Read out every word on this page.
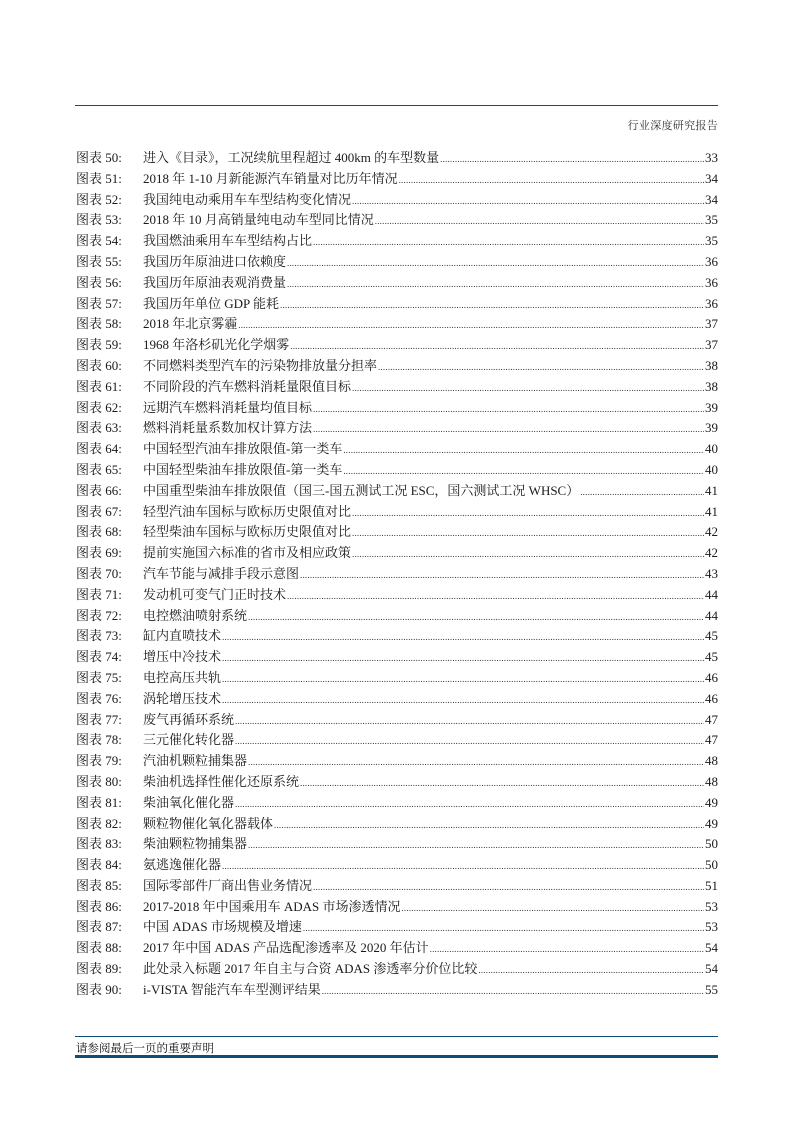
行业深度研究报告
图表 50:	进入《目录》，工况续航里程超过 400km 的车型数量 .....	33
图表 51:	2018 年 1-10 月新能源汽车销量对比历年情况 .....	34
图表 52:	我国纯电动乘用车车型结构变化情况 .....	34
图表 53:	2018 年 10 月高销量纯电动车型同比情况 .....	35
图表 54:	我国燃油乘用车车型结构占比 .....	35
图表 55:	我国历年原油进口依赖度 .....	36
图表 56:	我国历年原油表观消费量 .....	36
图表 57:	我国历年单位 GDP 能耗 .....	36
图表 58:	2018 年北京雾霾 .....	37
图表 59:	1968 年洛杉矶光化学烟雾 .....	37
图表 60:	不同燃料类型汽车的污染物排放量分担率 .....	38
图表 61:	不同阶段的汽车燃料消耗量限值目标 .....	38
图表 62:	远期汽车燃料消耗量均值目标 .....	39
图表 63:	燃料消耗量系数加权计算方法 .....	39
图表 64:	中国轻型汽油车排放限值-第一类车 .....	40
图表 65:	中国轻型柴油车排放限值-第一类车 .....	40
图表 66:	中国重型柴油车排放限值（国三-国五测试工况 ESC，国六测试工况 WHSC） .....	41
图表 67:	轻型汽油车国标与欧标历史限值对比 .....	41
图表 68:	轻型柴油车国标与欧标历史限值对比 .....	42
图表 69:	提前实施国六标准的省市及相应政策 .....	42
图表 70:	汽车节能与减排手段示意图 .....	43
图表 71:	发动机可变气门正时技术 .....	44
图表 72:	电控燃油喷射系统 .....	44
图表 73:	缸内直喷技术 .....	45
图表 74:	增压中冷技术 .....	45
图表 75:	电控高压共轨 .....	46
图表 76:	涡轮增压技术 .....	46
图表 77:	废气再循环系统 .....	47
图表 78:	三元催化转化器 .....	47
图表 79:	汽油机颗粒捕集器 .....	48
图表 80:	柴油机选择性催化还原系统 .....	48
图表 81:	柴油氧化催化器 .....	49
图表 82:	颗粒物催化氧化器载体 .....	49
图表 83:	柴油颗粒物捕集器 .....	50
图表 84:	氨逃逸催化器 .....	50
图表 85:	国际零部件厂商出售业务情况 .....	51
图表 86:	2017-2018 年中国乘用车 ADAS 市场渗透情况 .....	53
图表 87:	中国 ADAS 市场规模及增速 .....	53
图表 88:	2017 年中国 ADAS 产品选配渗透率及 2020 年估计 .....	54
图表 89:	此处录入标题 2017 年自主与合资 ADAS 渗透率分价位比较 .....	54
图表 90:	i-VISTA 智能汽车车型测评结果 .....	55
请参阅最后一页的重要声明
